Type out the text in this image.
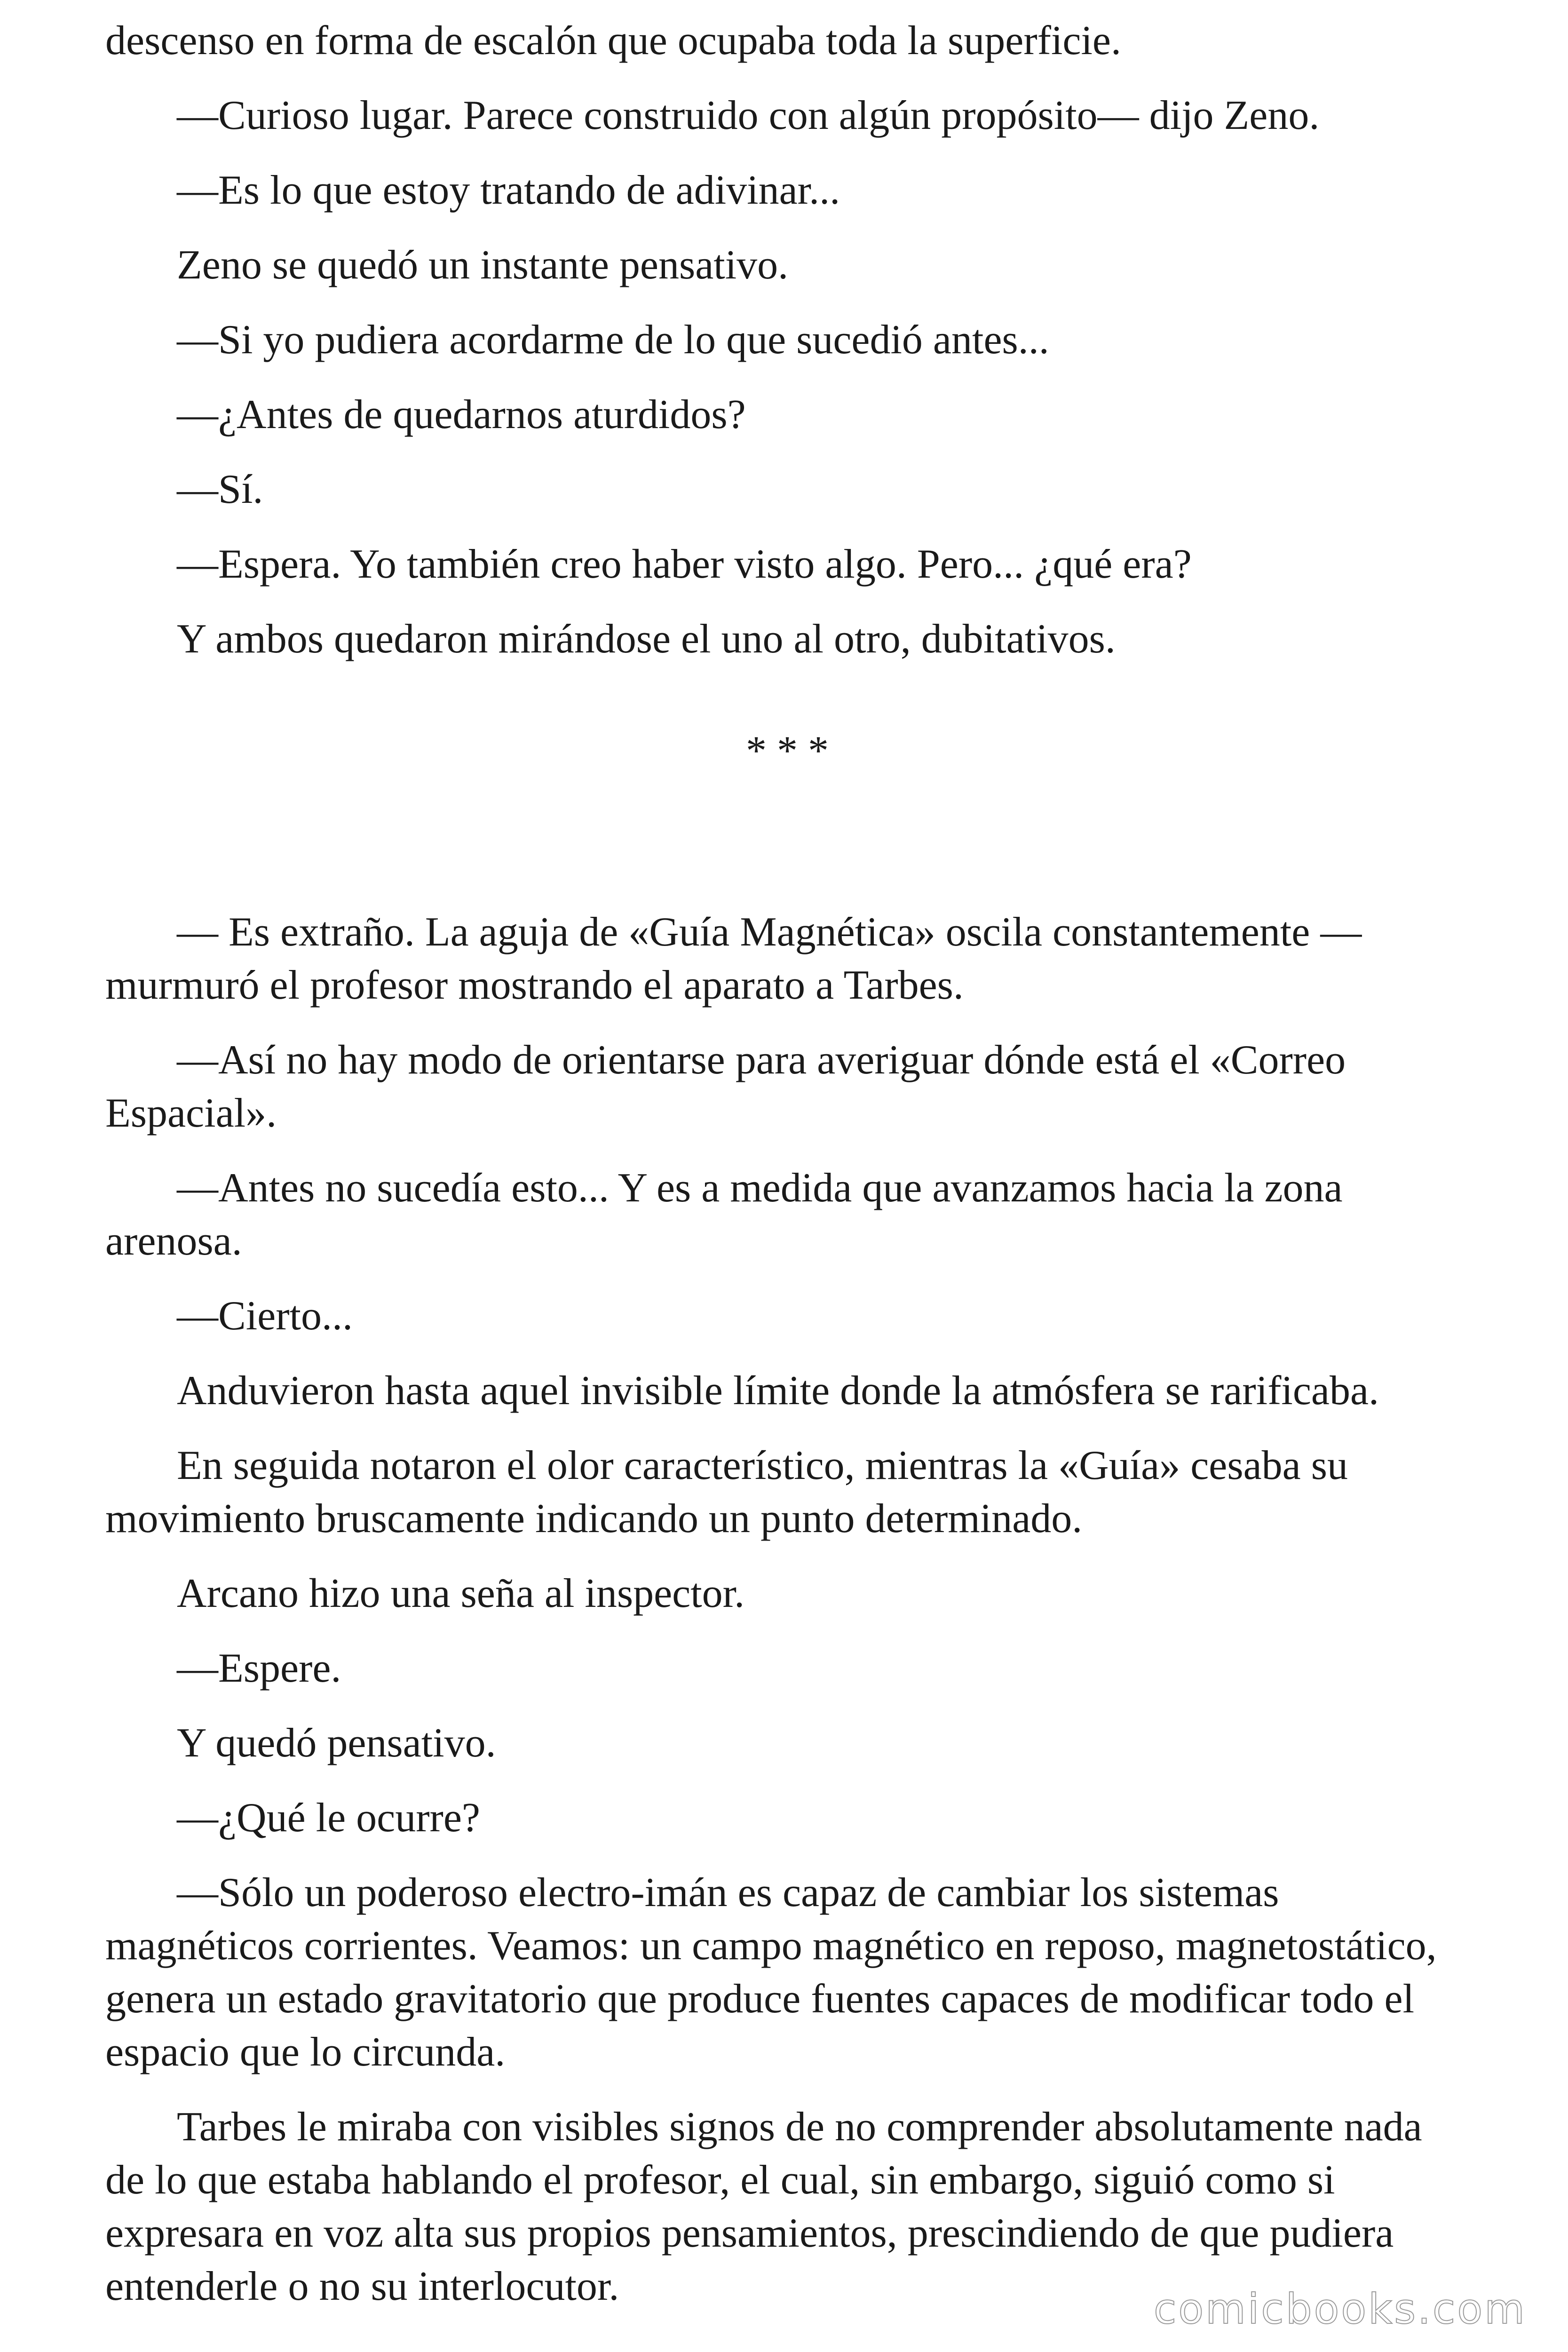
descenso en forma de escalón que ocupaba toda la superficie.

—Curioso lugar. Parece construido con algún propósito— dijo Zeno.

—Es lo que estoy tratando de adivinar...

Zeno se quedó un instante pensativo.

—Si yo pudiera acordarme de lo que sucedió antes...

—¿Antes de quedarnos aturdidos?

—Sí.

—Espera. Yo también creo haber visto algo. Pero... ¿qué era?

Y ambos quedaron mirándose el uno al otro, dubitativos.

* * *

— Es extraño. La aguja de «Guía Magnética» oscila constantemente — murmuró el profesor mostrando el aparato a Tarbes.

—Así no hay modo de orientarse para averiguar dónde está el «Correo Espacial».

—Antes no sucedía esto... Y es a medida que avanzamos hacia la zona arenosa.

—Cierto...

Anduvieron hasta aquel invisible límite donde la atmósfera se rarificaba.

En seguida notaron el olor característico, mientras la «Guía» cesaba su movimiento bruscamente indicando un punto determinado.

Arcano hizo una seña al inspector.

—Espere.

Y quedó pensativo.

—¿Qué le ocurre?

—Sólo un poderoso electro-imán es capaz de cambiar los sistemas magnéticos corrientes. Veamos: un campo magnético en reposo, magnetostático, genera un estado gravitatorio que produce fuentes capaces de modificar todo el espacio que lo circunda.

Tarbes le miraba con visibles signos de no comprender absolutamente nada de lo que estaba hablando el profesor, el cual, sin embargo, siguió como si expresara en voz alta sus propios pensamientos, prescindiendo de que pudiera entenderle o no su interlocutor.	comicbooks.com
